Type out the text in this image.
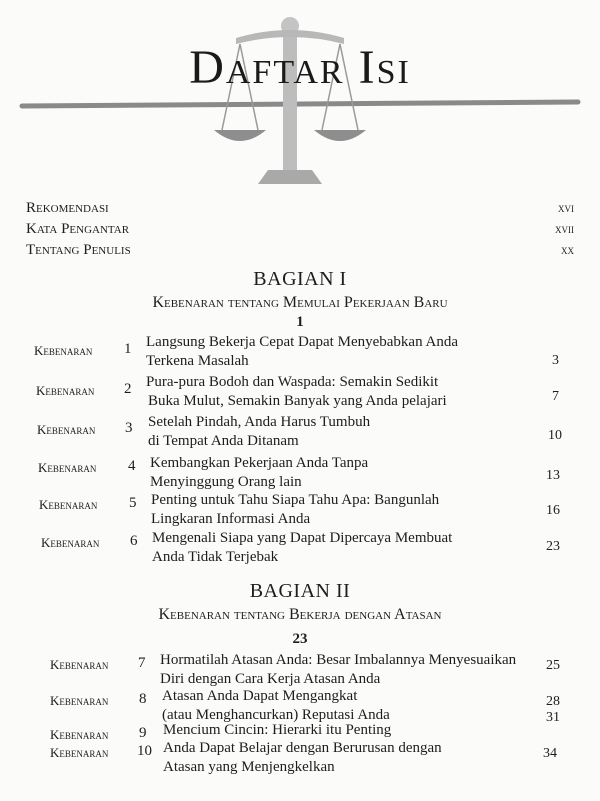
Daftar Isi
Rekomendasi	xvi
Kata Pengantar	xvii
Tentang Penulis	xx
BAGIAN I
Kebenaran tentang Memulai Pekerjaan Baru
1
Kebenaran 1 Langsung Bekerja Cepat Dapat Menyebabkan Anda
Terkena Masalah	3
Kebenaran 2 Pura-pura Bodoh dan Waspada: Semakin Sedikit
Buka Mulut, Semakin Banyak yang Anda pelajari	7
Kebenaran 3 Setelah Pindah, Anda Harus Tumbuh
di Tempat Anda Ditanam	10
Kebenaran 4 Kembangkan Pekerjaan Anda Tanpa
Menyinggung Orang lain	13
Kebenaran 5 Penting untuk Tahu Siapa Tahu Apa: Bangunlah
Lingkaran Informasi Anda
16
Kebenaran 6 Mengenali Siapa yang Dapat Dipercaya Membuat
Anda Tidak Terjebak
23
BAGIAN II
Kebenaran tentang Bekerja dengan Atasan
23
Kebenaran 7 Hormatilah Atasan Anda: Besar Imbalannya Menyesuaikan
Diri dengan Cara Kerja Atasan Anda
25
Kebenaran 8 Atasan Anda Dapat Mengangkat
(atau Menghancurkan) Reputasi Anda
28
Kebenaran 9 Mencium Cincin: Hierarki itu Penting
31
Kebenaran 10 Anda Dapat Belajar dengan Berurusan dengan
Atasan yang Menjengkelkan
34
